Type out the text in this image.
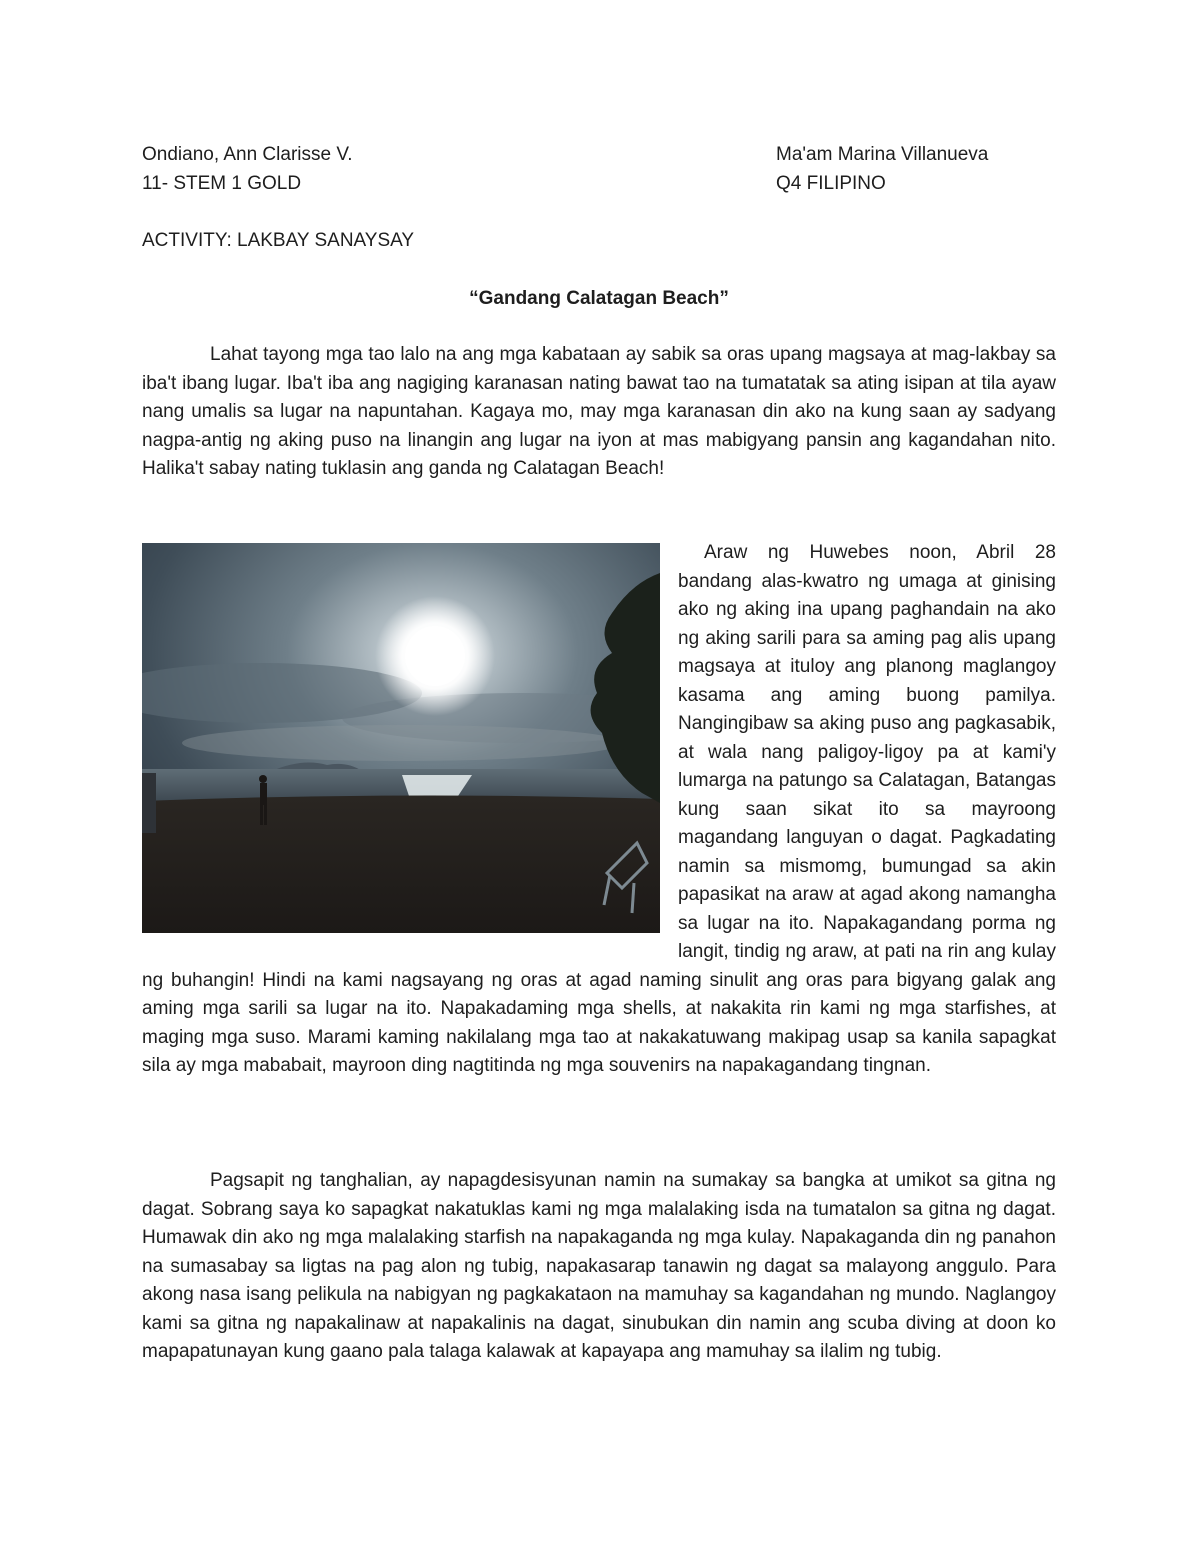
Ondiano, Ann Clarisse V.
11- STEM 1 GOLD
Ma'am Marina Villanueva
Q4 FILIPINO
ACTIVITY: LAKBAY SANAYSAY
“Gandang Calatagan Beach”

Lahat tayong mga tao lalo na ang mga kabataan ay sabik sa oras upang magsaya at mag-lakbay sa iba't ibang lugar. Iba't iba ang nagiging karanasan nating bawat tao na tumatatak sa ating isipan at tila ayaw nang umalis sa lugar na napuntahan. Kagaya mo, may mga karanasan din ako na kung saan ay sadyang nagpa-antig ng aking puso na linangin ang lugar na iyon at mas mabigyang pansin ang kagandahan nito. Halika't sabay nating tuklasin ang ganda ng Calatagan Beach!

Araw ng Huwebes noon, Abril 28 bandang alas-kwatro ng umaga at ginising ako ng aking ina upang paghandain na ako ng aking sarili para sa aming pag alis upang magsaya at ituloy ang planong maglangoy kasama ang aming buong pamilya. Nangingibaw sa aking puso ang pagkasabik, at wala nang paligoy-ligoy pa at kami'y lumarga na patungo sa Calatagan, Batangas kung saan sikat ito sa mayroong magandang languyan o dagat. Pagkadating namin sa mismomg, bumungad sa akin papasikat na araw at agad akong namangha sa lugar na ito. Napakagandang porma ng langit, tindig ng araw, at pati na rin ang kulay ng buhangin! Hindi na kami nagsayang ng oras at agad naming sinulit ang oras para bigyang galak ang aming mga sarili sa lugar na ito. Napakadaming mga shells, at nakakita rin kami ng mga starfishes, at maging mga suso. Marami kaming nakilalang mga tao at nakakatuwang makipag usap sa kanila sapagkat sila ay mga mababait, mayroon ding nagtitinda ng mga souvenirs na napakagandang tingnan.

Pagsapit ng tanghalian, ay napagdesisyunan namin na sumakay sa bangka at umikot sa gitna ng dagat. Sobrang saya ko sapagkat nakatuklas kami ng mga malalaking isda na tumatalon sa gitna ng dagat. Humawak din ako ng mga malalaking starfish na napakaganda ng mga kulay. Napakaganda din ng panahon na sumasabay sa ligtas na pag alon ng tubig, napakasarap tanawin ng dagat sa malayong anggulo. Para akong nasa isang pelikula na nabigyan ng pagkakataon na mamuhay sa kagandahan ng mundo. Naglangoy kami sa gitna ng napakalinaw at napakalinis na dagat, sinubukan din namin ang scuba diving at doon ko mapapatunayan kung gaano pala talaga kalawak at kapayapa ang mamuhay sa ilalim ng tubig.
